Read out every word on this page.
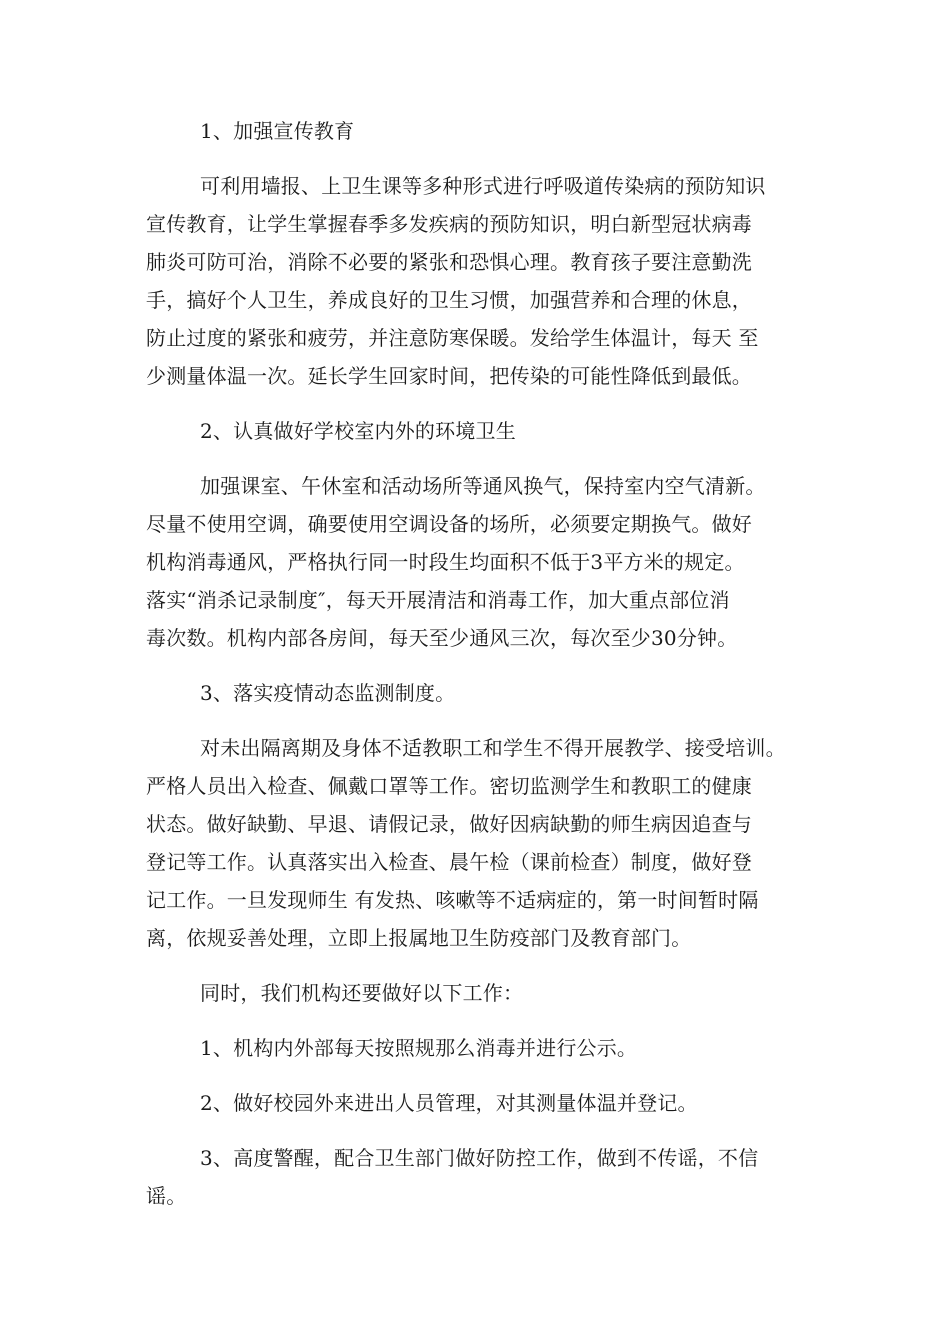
1、加强宣传教育

可利用墙报、上卫生课等多种形式进行呼吸道传染病的预防知识

宣传教育，让学生掌握春季多发疾病的预防知识，明白新型冠状病毒

肺炎可防可治，消除不必要的紧张和恐惧心理。教育孩子要注意勤洗

手，搞好个人卫生，养成良好的卫生习惯，加强营养和合理的休息，

防止过度的紧张和疲劳，并注意防寒保暖。发给学生体温计，每天 至

少测量体温一次。延长学生回家时间，把传染的可能性降低到最低。

2、认真做好学校室内外的环境卫生

加强课室、午休室和活动场所等通风换气，保持室内空气清新。

尽量不使用空调，确要使用空调设备的场所，必须要定期换气。做好

机构消毒通风，严格执行同一时段生均面积不低于3平方米的规定。

落实“消杀记录制度″，每天开展清洁和消毒工作，加大重点部位消

毒次数。机构内部各房间，每天至少通风三次，每次至少30分钟。

3、落实疫情动态监测制度。

对未出隔离期及身体不适教职工和学生不得开展教学、接受培训。

严格人员出入检查、佩戴口罩等工作。密切监测学生和教职工的健康

状态。做好缺勤、早退、请假记录，做好因病缺勤的师生病因追查与

登记等工作。认真落实出入检查、晨午检（课前检查）制度，做好登

记工作。一旦发现师生 有发热、咳嗽等不适病症的，第一时间暂时隔

离，依规妥善处理，立即上报属地卫生防疫部门及教育部门。

同时，我们机构还要做好以下工作：

1、机构内外部每天按照规那么消毒并进行公示。

2、做好校园外来进出人员管理，对其测量体温并登记。

3、高度警醒，配合卫生部门做好防控工作，做到不传谣，不信

谣。
